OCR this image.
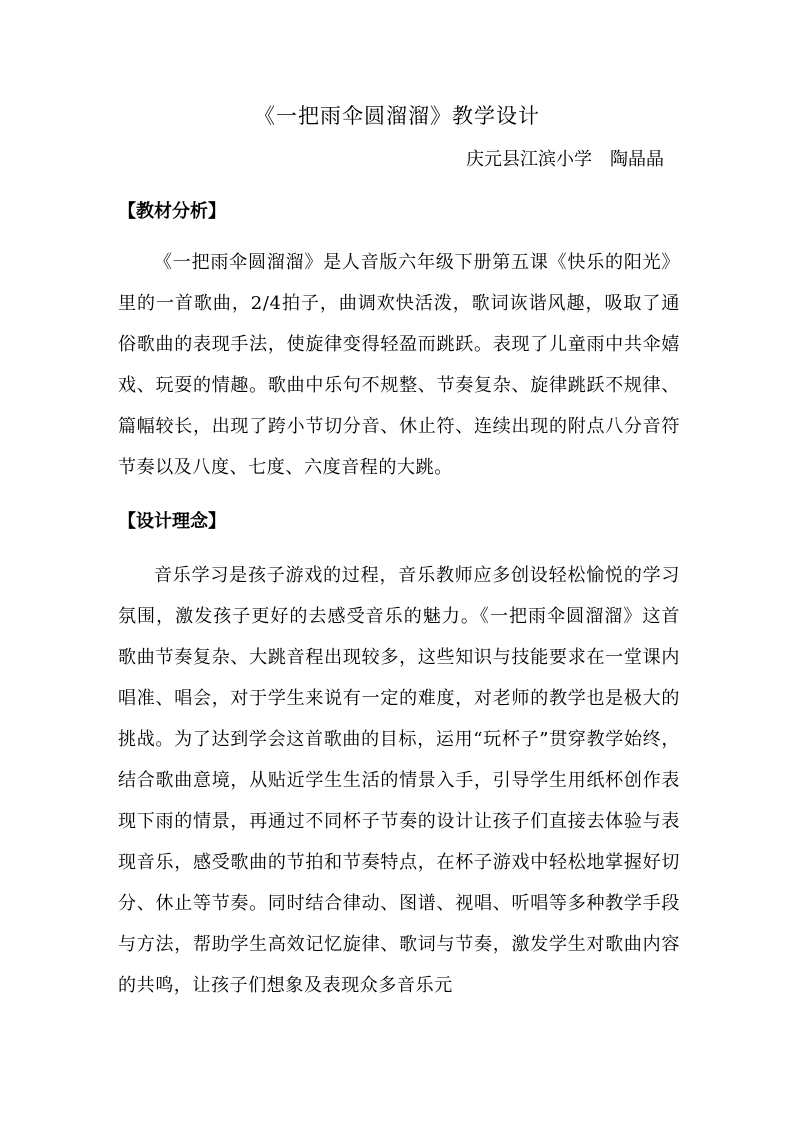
《一把雨伞圆溜溜》教学设计
庆元县江滨小学　陶晶晶
【教材分析】

《一把雨伞圆溜溜》是人音版六年级下册第五课《快乐的阳光》里的一首歌曲，2/4拍子，曲调欢快活泼，歌词诙谐风趣，吸取了通俗歌曲的表现手法，使旋律变得轻盈而跳跃。表现了儿童雨中共伞嬉戏、玩耍的情趣。歌曲中乐句不规整、节奏复杂、旋律跳跃不规律、篇幅较长，出现了跨小节切分音、休止符、连续出现的附点八分音符节奏以及八度、七度、六度音程的大跳。

【设计理念】

音乐学习是孩子游戏的过程，音乐教师应多创设轻松愉悦的学习氛围，激发孩子更好的去感受音乐的魅力。《一把雨伞圆溜溜》这首歌曲节奏复杂、大跳音程出现较多，这些知识与技能要求在一堂课内唱准、唱会，对于学生来说有一定的难度，对老师的教学也是极大的挑战。为了达到学会这首歌曲的目标，运用“玩杯子”贯穿教学始终，结合歌曲意境，从贴近学生生活的情景入手，引导学生用纸杯创作表现下雨的情景，再通过不同杯子节奏的设计让孩子们直接去体验与表现音乐，感受歌曲的节拍和节奏特点，在杯子游戏中轻松地掌握好切分、休止等节奏。同时结合律动、图谱、视唱、听唱等多种教学手段与方法，帮助学生高效记忆旋律、歌词与节奏，激发学生对歌曲内容的共鸣，让孩子们想象及表现众多音乐元
